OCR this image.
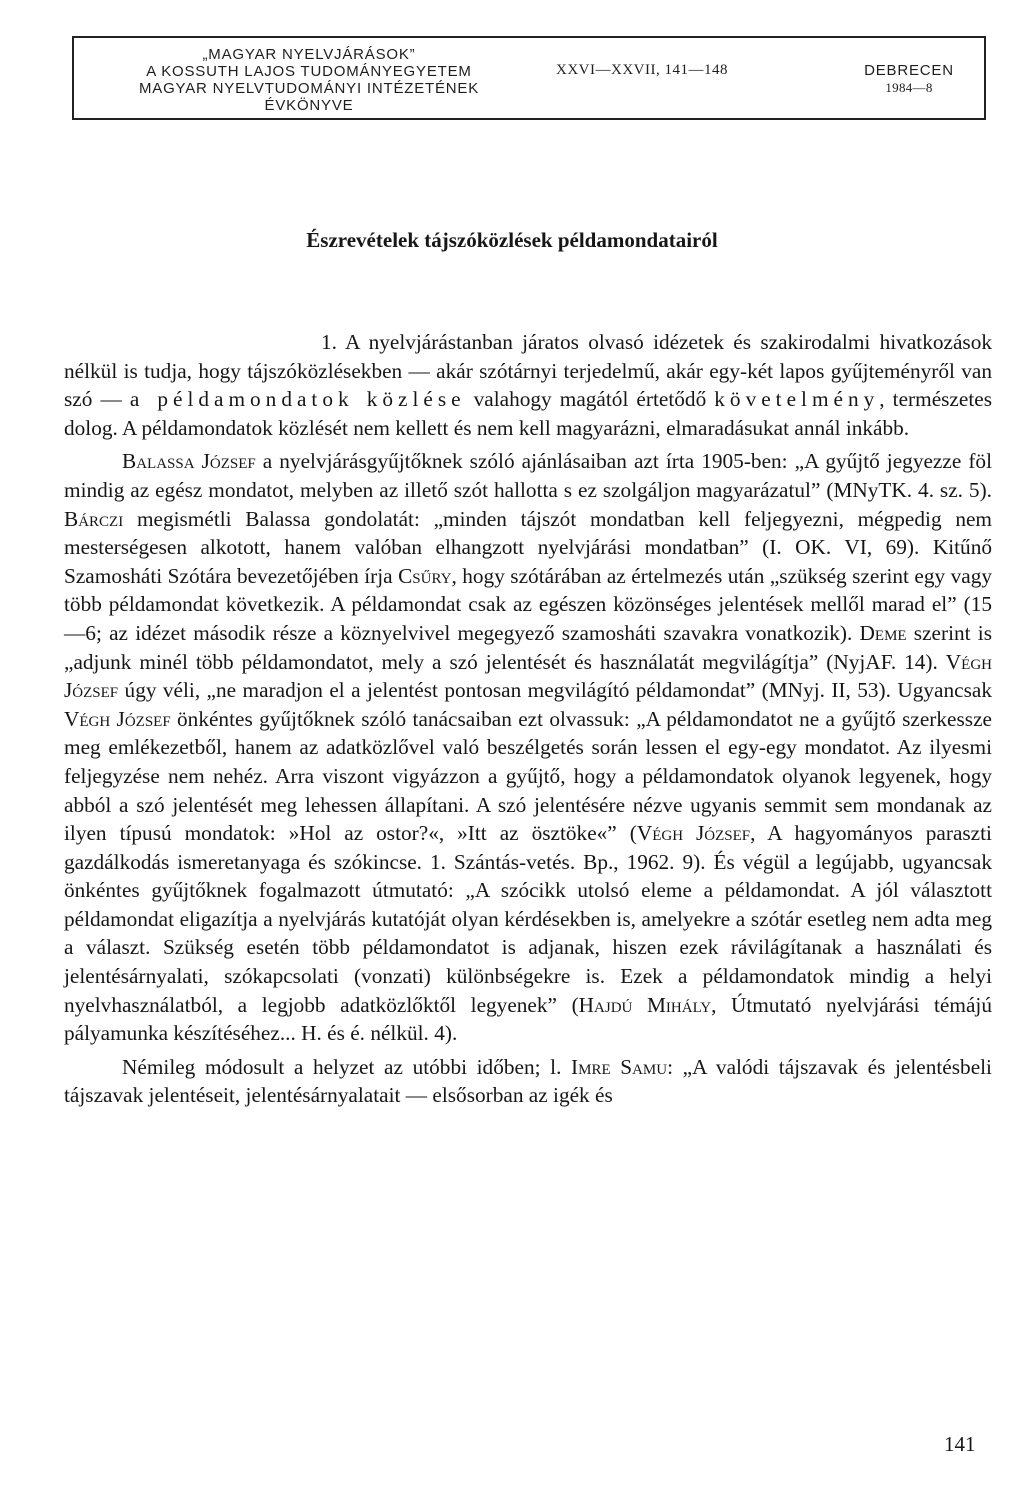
„MAGYAR NYELVJÁRÁSOK”
A KOSSUTH LAJOS TUDOMÁNYEGYETEM
MAGYAR NYELVTUDOMÁNYI INTÉZETÉNEK
ÉVKÖNYVE
XXVI—XXVII, 141—148	DEBRECEN
1984—8
Észrevételek tájszóközlések példamondatairól

1. A nyelvjárástanban járatos olvasó idézetek és szakirodalmi hivatkozások nélkül is tudja, hogy tájszóközlésekben — akár szótárnyi terjedelmű, akár egy-két lapos gyűjteményről van szó — a példamondatok közlése valahogy magától értetődő követelmény, természetes dolog. A példamondatok közlését nem kellett és nem kell magyarázni, elmaradásukat annál inkább.

Balassa József a nyelvjárásgyűjtőknek szóló ajánlásaiban azt írta 1905-ben: „A gyűjtő jegyezze föl mindig az egész mondatot, melyben az illető szót hallotta s ez szolgáljon magyarázatul” (MNyTK. 4. sz. 5). Bárczi megismétli Balassa gondolatát: „minden tájszót mondatban kell feljegyezni, mégpedig nem mesterségesen alkotott, hanem valóban elhangzott nyelvjárási mondatban” (I. OK. VI, 69). Kitűnő Szamosháti Szótára bevezetőjében írja Csűry, hogy szótárában az értelmezés után „szükség szerint egy vagy több példamondat következik. A példamondat csak az egészen közönséges jelentések mellől marad el” (15—6; az idézet második része a köznyelvivel megegyező szamosháti szavakra vonatkozik). Deme szerint is „adjunk minél több példamondatot, mely a szó jelentését és használatát megvilágítja” (NyjAF. 14). Végh József úgy véli, „ne maradjon el a jelentést pontosan megvilágító példamondat” (MNyj. II, 53). Ugyancsak Végh József önkéntes gyűjtőknek szóló tanácsaiban ezt olvassuk: „A példamondatot ne a gyűjtő szerkessze meg emlékezetből, hanem az adatközlővel való beszélgetés során lessen el egy-egy mondatot. Az ilyesmi feljegyzése nem nehéz. Arra viszont vigyázzon a gyűjtő, hogy a példamondatok olyanok legyenek, hogy abból a szó jelentését meg lehessen állapítani. A szó jelentésére nézve ugyanis semmit sem mondanak az ilyen típusú mondatok: »Hol az ostor?«, »Itt az ösztöke«” (Végh József, A hagyományos paraszti gazdálkodás ismeretanyaga és szókincse. 1. Szántás-vetés. Bp., 1962. 9). És végül a legújabb, ugyancsak önkéntes gyűjtőknek fogalmazott útmutató: „A szócikk utolsó eleme a példamondat. A jól választott példamondat eligazítja a nyelvjárás kutatóját olyan kérdésekben is, amelyekre a szótár esetleg nem adta meg a választ. Szükség esetén több példamondatot is adjanak, hiszen ezek rávilágítanak a használati és jelentésárnyalati, szókapcsolati (vonzati) különbségekre is. Ezek a példamondatok mindig a helyi nyelvhasználatból, a legjobb adatközlőktől legyenek” (Hajdú Mihály, Útmutató nyelvjárási témájú pályamunka készítéséhez... H. és é. nélkül. 4).

Némileg módosult a helyzet az utóbbi időben; l. Imre Samu: „A valódi tájszavak és jelentésbeli tájszavak jelentéseit, jelentésárnyalatait — elsősorban az igék és

141
